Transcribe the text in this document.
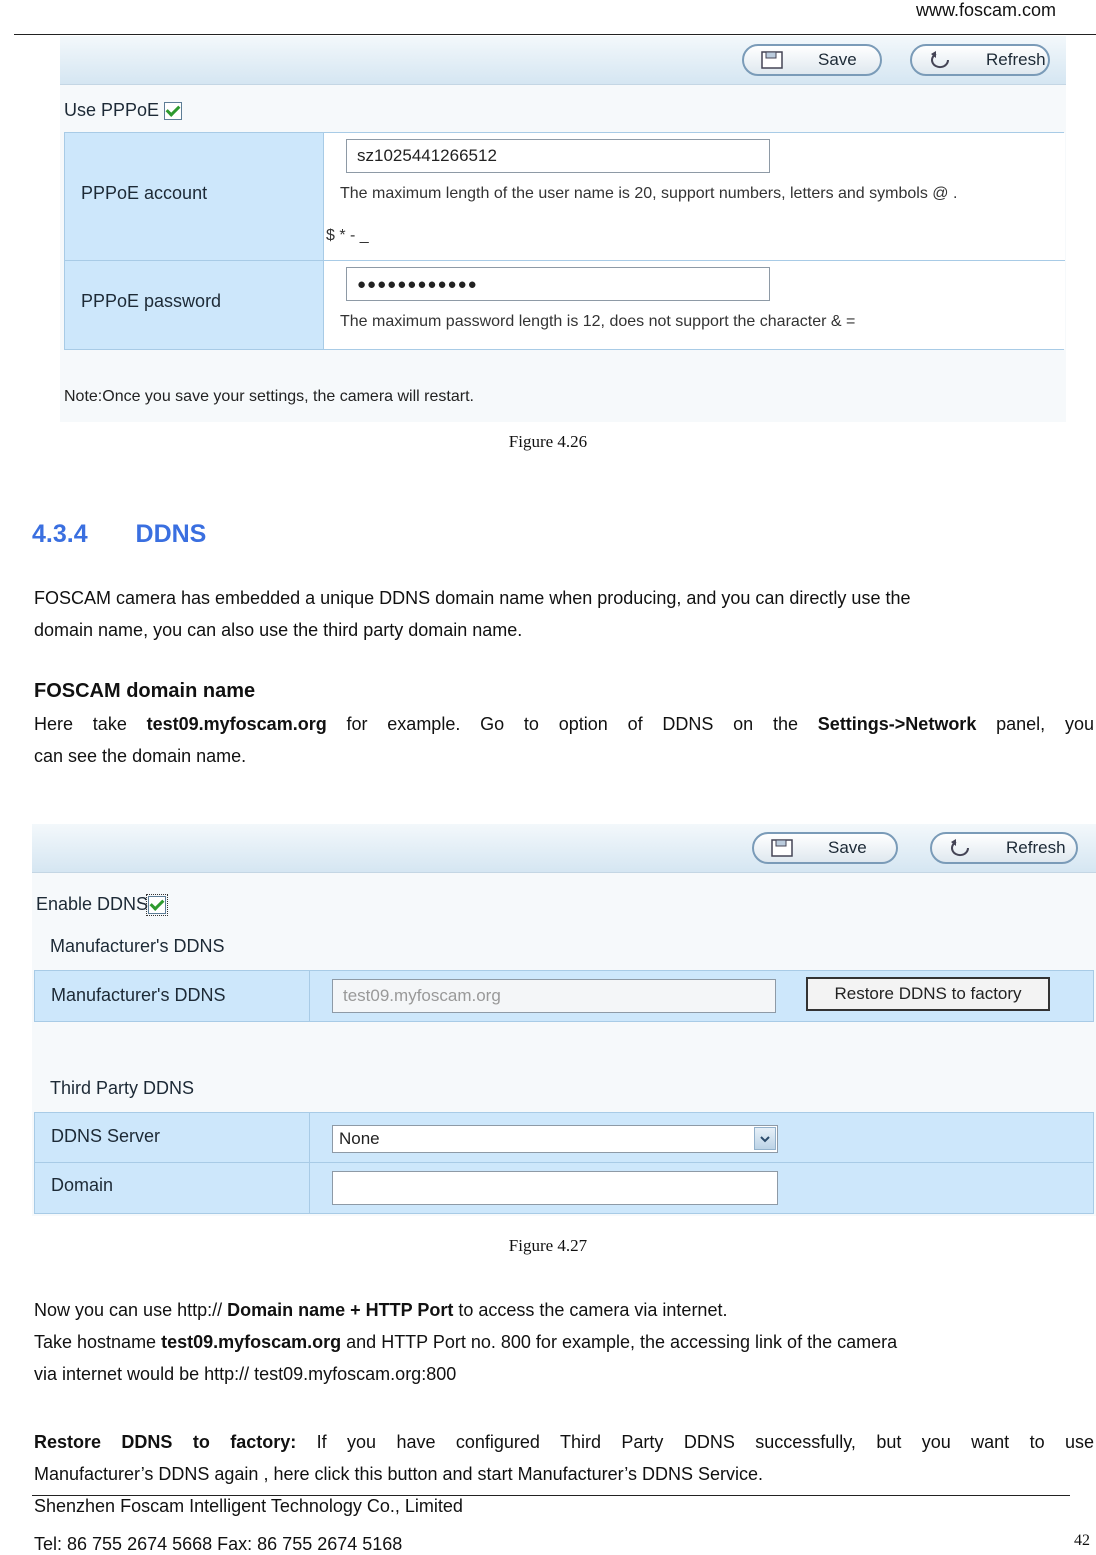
www.foscam.com
Save	Refresh
Use PPPoE
PPPoE account
sz1025441266512
The maximum length of the user name is 20, support numbers, letters and symbols @ .
$ * - _
PPPoE password
●●●●●●●●●●●●
The maximum password length is 12, does not support the character & =
Note:Once you save your settings, the camera will restart.
Figure 4.26
4.3.4 DDNS
FOSCAM camera has embedded a unique DDNS domain name when producing, and you can directly use the
domain name, you can also use the third party domain name.
FOSCAM domain name
Here take test09.myfoscam.org for example. Go to option of DDNS on the Settings->Network panel, you
can see the domain name.
Save	Refresh
Enable DDNS
Manufacturer's DDNS
Manufacturer's DDNS	test09.myfoscam.org	Restore DDNS to factory
Third Party DDNS
DDNS Server	None
Domain
Figure 4.27
Now you can use http:// Domain name + HTTP Port to access the camera via internet.
Take hostname test09.myfoscam.org and HTTP Port no. 800 for example, the accessing link of the camera
via internet would be http:// test09.myfoscam.org:800
Restore DDNS to factory: If you have configured Third Party DDNS successfully, but you want to use
Manufacturer’s DDNS again , here click this button and start Manufacturer’s DDNS Service.
Shenzhen Foscam Intelligent Technology Co., Limited
Tel: 86 755 2674 5668 Fax: 86 755 2674 5168	42
